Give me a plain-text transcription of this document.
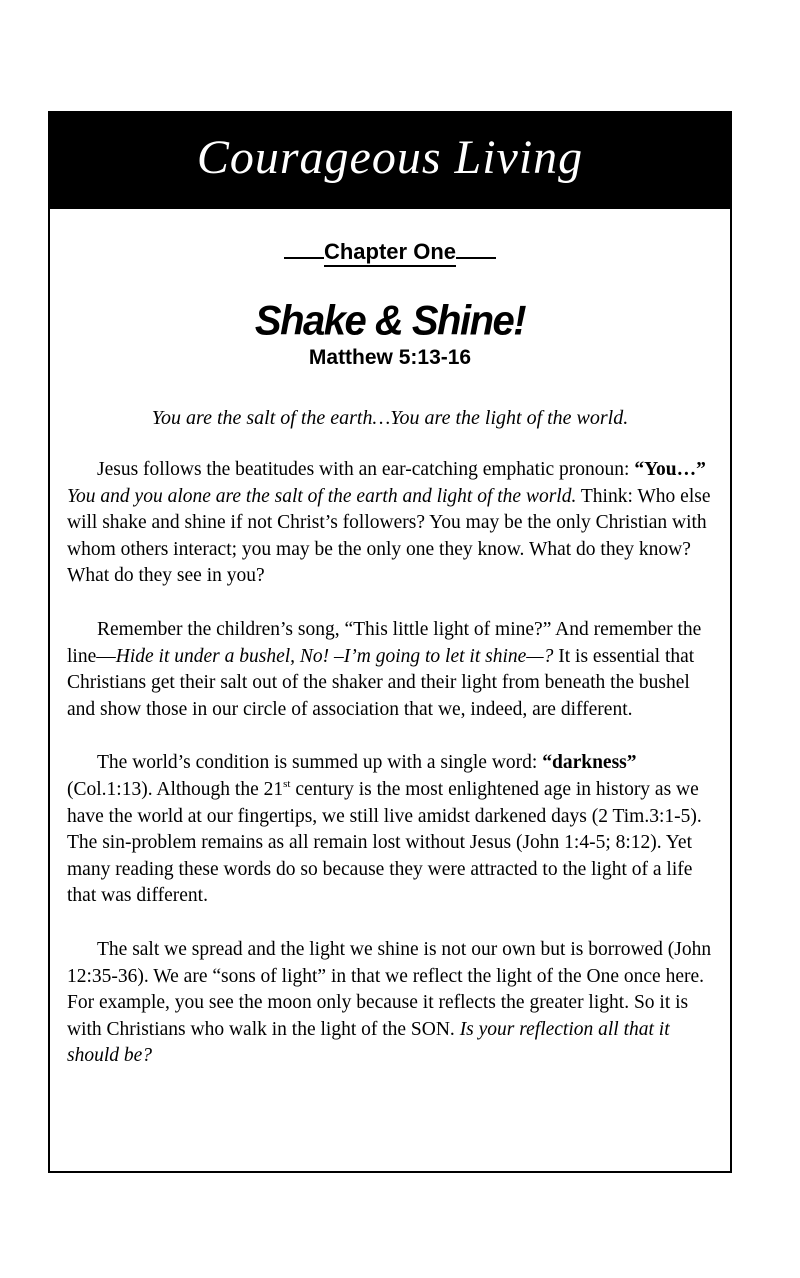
Courageous Living
Chapter One
Shake & Shine!
Matthew 5:13-16
You are the salt of the earth…You are the light of the world.

Jesus follows the beatitudes with an ear-catching emphatic pronoun: “You…” You and you alone are the salt of the earth and light of the world. Think: Who else will shake and shine if not Christ’s followers? You may be the only Christian with whom others interact; you may be the only one they know. What do they know? What do they see in you?

Remember the children’s song, “This little light of mine?” And remember the line—Hide it under a bushel, No! –I’m going to let it shine—? It is essential that Christians get their salt out of the shaker and their light from beneath the bushel and show those in our circle of association that we, indeed, are different.

The world’s condition is summed up with a single word: “darkness” (Col.1:13). Although the 21st century is the most enlightened age in history as we have the world at our fingertips, we still live amidst darkened days (2 Tim.3:1-5). The sin-problem remains as all remain lost without Jesus (John 1:4-5; 8:12). Yet many reading these words do so because they were attracted to the light of a life that was different.

The salt we spread and the light we shine is not our own but is borrowed (John 12:35-36). We are “sons of light” in that we reflect the light of the One once here. For example, you see the moon only because it reflects the greater light. So it is with Christians who walk in the light of the SON. Is your reflection all that it should be?
